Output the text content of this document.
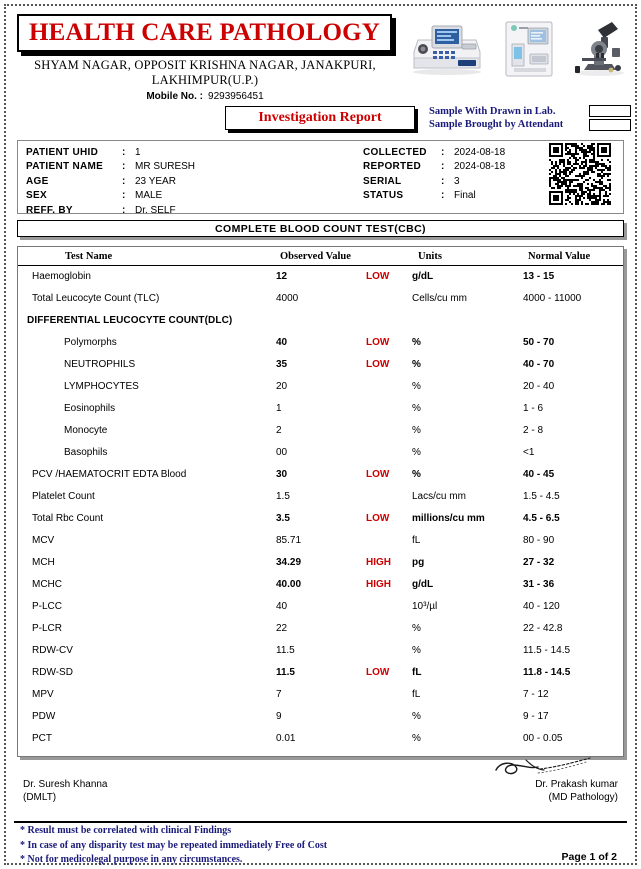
HEALTH CARE PATHOLOGY
SHYAM NAGAR, OPPOSIT KRISHNA NAGAR, JANAKPURI,
LAKHIMPUR(U.P.)
Mobile No. : 9293956451
Investigation Report	Sample With Drawn in Lab.
Sample Brought by Attendant
PATIENT UHID	: 1
PATIENT NAME	: MR SURESH
AGE	: 23 YEAR
SEX	: MALE
REFF. BY	: Dr. SELF
COLLECTED	: 2024-08-18
REPORTED	: 2024-08-18
SERIAL	: 3
STATUS	: Final
COMPLETE BLOOD COUNT TEST(CBC)
Test Name	Observed Value	Units	Normal Value
Haemoglobin	12	LOW g/dL	13 - 15
Total Leucocyte Count (TLC)	4000	Cells/cu mm	4000 - 11000
DIFFERENTIAL LEUCOCYTE COUNT(DLC)
Polymorphs	40	LOW %	50 - 70
NEUTROPHILS	35	LOW %	40 - 70
LYMPHOCYTES	20	%	20 - 40
Eosinophils	1	%	1 - 6
Monocyte	2	%	2 - 8
Basophils	00	%	<1
PCV /HAEMATOCRIT EDTA Blood	30	LOW %	40 - 45
Platelet Count	1.5	Lacs/cu mm	1.5 - 4.5
Total Rbc Count	3.5	LOW millions/cu mm	4.5 - 6.5
MCV	85.71	fL	80 - 90
MCH	34.29	HIGH pg	27 - 32
MCHC	40.00	HIGH g/dL	31 - 36
P-LCC	40	10³/µl	40 - 120
P-LCR	22	%	22 - 42.8
RDW-CV	11.5	%	11.5 - 14.5
RDW-SD	11.5	LOW fL	11.8 - 14.5
MPV	7	fL	7 - 12
PDW	9	%	9 - 17
PCT	0.01	%	00 - 0.05
Dr. Suresh Khanna
(DMLT)
Dr. Prakash kumar
(MD Pathology)
* Result must be correlated with clinical Findings
* In case of any disparity test may be repeated immediately Free of Cost
* Not for medicolegal purpose in any circumstances.	Page 1 of 2
